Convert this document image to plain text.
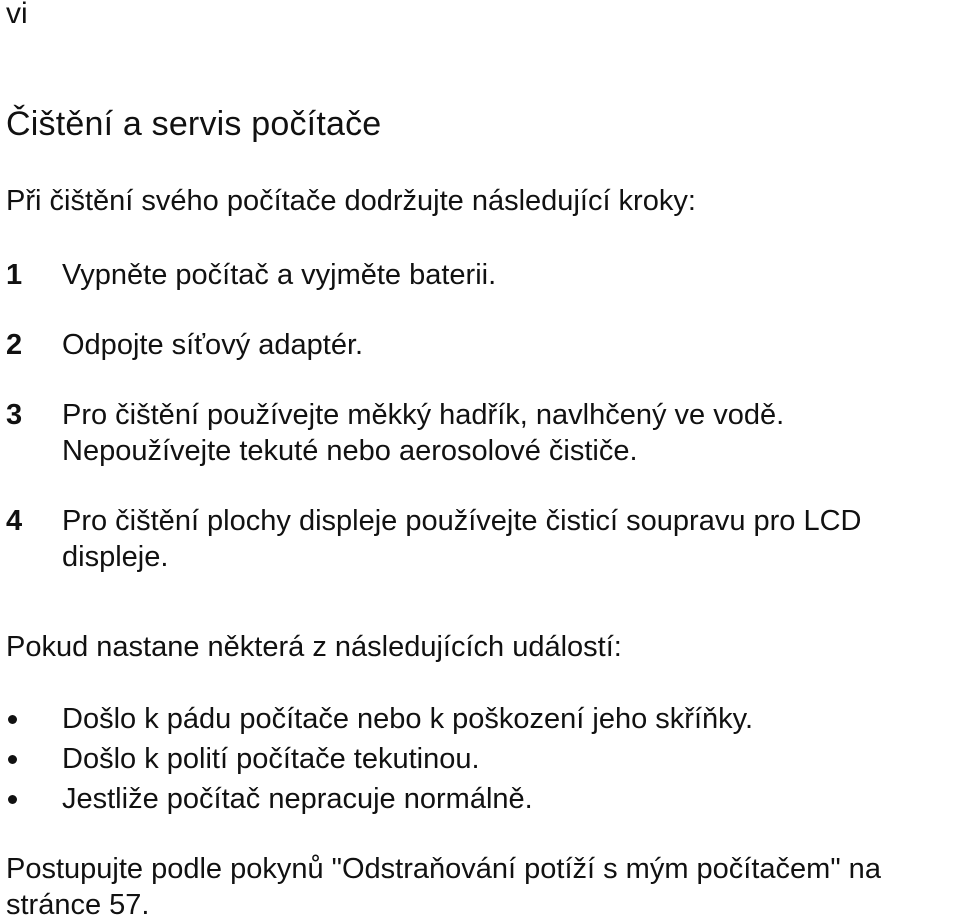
vi
Čištění a servis počítače

Při čištění svého počítače dodržujte následující kroky:

1 Vypněte počítač a vyjměte baterii.
2 Odpojte síťový adaptér.
3 Pro čištění používejte měkký hadřík, navlhčený ve vodě. Nepoužívejte tekuté nebo aerosolové čističe.
4 Pro čištění plochy displeje používejte čisticí soupravu pro LCD displeje.

Pokud nastane některá z následujících událostí:

Došlo k pádu počítače nebo k poškození jeho skříňky.
Došlo k polití počítače tekutinou.
Jestliže počítač nepracuje normálně.

Postupujte podle pokynů "Odstraňování potíží s mým počítačem" na stránce 57.
